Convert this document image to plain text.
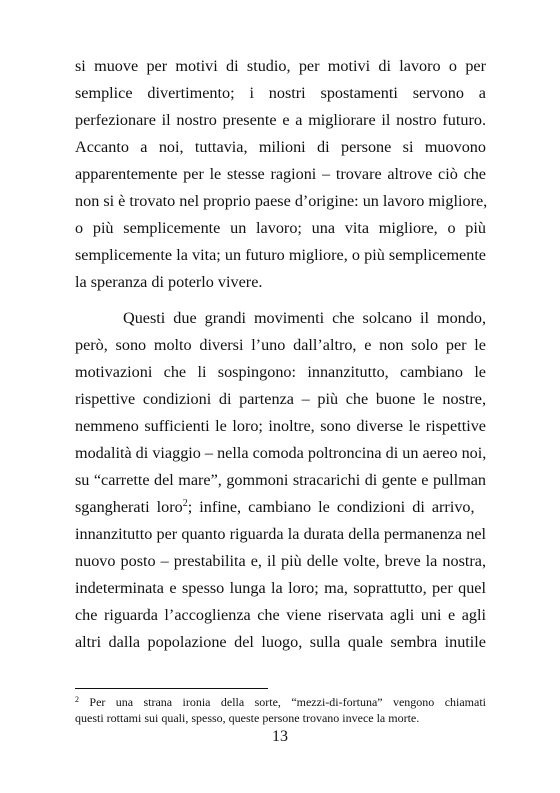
si muove per motivi di studio, per motivi di lavoro o per
semplice divertimento; i nostri spostamenti servono a
perfezionare il nostro presente e a migliorare il nostro futuro.
Accanto a noi, tuttavia, milioni di persone si muovono
apparentemente per le stesse ragioni – trovare altrove ciò che
non si è trovato nel proprio paese d’origine: un lavoro migliore,
o più semplicemente un lavoro; una vita migliore, o più
semplicemente la vita; un futuro migliore, o più semplicemente
la speranza di poterlo vivere.
Questi due grandi movimenti che solcano il mondo,
però, sono molto diversi l’uno dall’altro, e non solo per le
motivazioni che li sospingono: innanzitutto, cambiano le
rispettive condizioni di partenza – più che buone le nostre,
nemmeno sufficienti le loro; inoltre, sono diverse le rispettive
modalità di viaggio – nella comoda poltroncina di un aereo noi,
su “carrette del mare”, gommoni stracarichi di gente e pullman
sgangherati loro$^2$; infine, cambiano le condizioni di arrivo,
innanzitutto per quanto riguarda la durata della permanenza nel
nuovo posto – prestabilita e, il più delle volte, breve la nostra,
indeterminata e spesso lunga la loro; ma, soprattutto, per quel
che riguarda l’accoglienza che viene riservata agli uni e agli
altri dalla popolazione del luogo, sulla quale sembra inutile
$^2$ Per una strana ironia della sorte, “mezzi-di-fortuna” vengono chiamati
questi rottami sui quali, spesso, queste persone trovano invece la morte.
13
